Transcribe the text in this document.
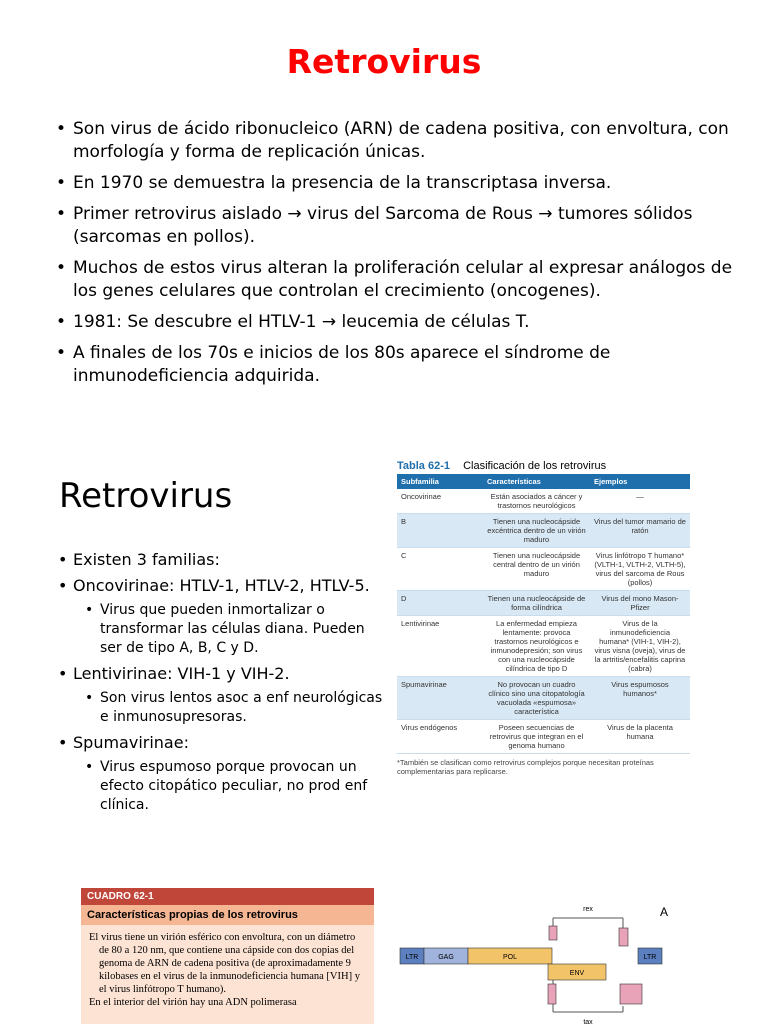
Retrovirus
• Son virus de ácido ribonucleico (ARN) de cadena positiva, con envoltura, con morfología y forma de replicación únicas.
• En 1970 se demuestra la presencia de la transcriptasa inversa.
• Primer retrovirus aislado → virus del Sarcoma de Rous → tumores sólidos (sarcomas en pollos).
• Muchos de estos virus alteran la proliferación celular al expresar análogos de los genes celulares que controlan el crecimiento (oncogenes).
• 1981: Se descubre el HTLV-1 → leucemia de células T.
• A finales de los 70s e inicios de los 80s aparece el síndrome de inmunodeficiencia adquirida.
Retrovirus
• Existen 3 familias:
• Oncovirinae: HTLV-1, HTLV-2, HTLV-5.
• Virus que pueden inmortalizar o transformar las células diana. Pueden ser de tipo A, B, C y D.
• Lentivirinae: VIH-1 y VIH-2.
• Son virus lentos asoc a enf neurológicas e inmunosupresoras.
• Spumavirinae:
• Virus espumoso porque provocan un efecto citopático peculiar, no prod enf clínica.
Tabla 62-1 Clasificación de los retrovirus
Subfamilia	Características	Ejemplos
Oncovirinae	Están asociados a cáncer y trastornos neurológicos	—
B	Tienen una nucleocápside excéntrica dentro de un virión maduro	Virus del tumor mamario de ratón
C	Tienen una nucleocápside central dentro de un virión maduro	Virus linfótropo T humano* (VLTH-1, VLTH-2, VLTH-5), virus del sarcoma de Rous (pollos)
D	Tienen una nucleocápside de forma cilíndrica	Virus del mono Mason-Pfizer
Lentivirinae	La enfermedad empieza lentamente: provoca trastornos neurológicos e inmunodepresión; son virus con una nucleocápside cilíndrica de tipo D	Virus de la inmunodeficiencia humana* (VIH-1, VIH-2), virus visna (oveja), virus de la artritis/encefalitis caprina (cabra)
Spumavirinae	No provocan un cuadro clínico sino una citopatología vacuolada «espumosa» característica	Virus espumosos humanos*
Virus endógenos	Poseen secuencias de retrovirus que integran en el genoma humano	Virus de la placenta humana
*También se clasifican como retrovirus complejos porque necesitan proteínas complementarias para replicarse.
CUADRO 62-1
Características propias de los retrovirus

El virus tiene un virión esférico con envoltura, con un diámetro de 80 a 120 nm, que contiene una cápside con dos copias del genoma de ARN de cadena positiva (de aproximadamente 9 kilobases en el virus de la inmunodeficiencia humana [VIH] y el virus linfótropo T humano).

En el interior del virión hay una ADN polimerasa

rex
tax
A
LTR	GAG	POL
ENV
LTR
